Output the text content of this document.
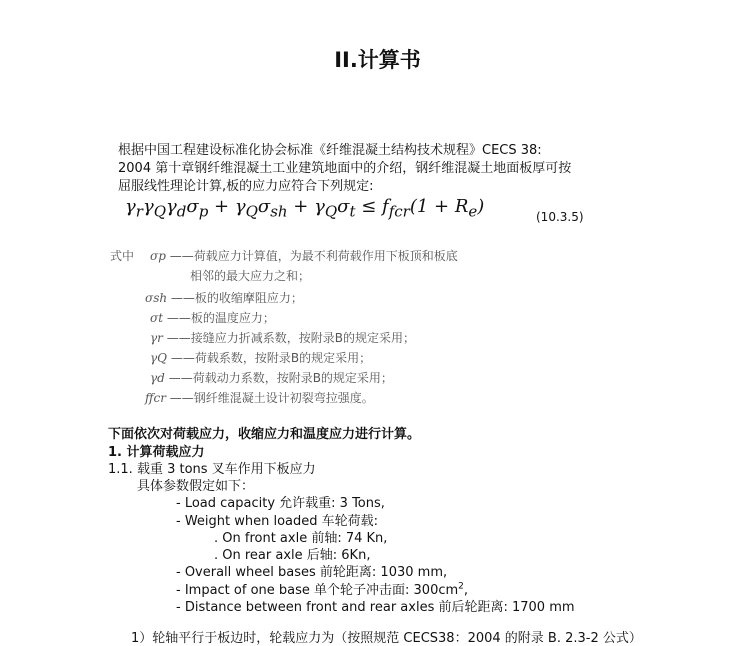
II.计算书
根据中国工程建设标准化协会标准《纤维混凝土结构技术规程》CECS 38:
2004 第十章钢纤维混凝土工业建筑地面中的介绍，钢纤维混凝土地面板厚可按
屈服线性理论计算,板的应力应符合下列规定:
$\gamma_r\gamma_Q\gamma_d\sigma_p + \gamma_Q\sigma_{sh} + \gamma_Q\sigma_t \le f_{fcr}(1 + R_e)$	(10.3.5)
式中 σp ——荷载应力计算值，为最不利荷载作用下板顶和板底
相邻的最大应力之和；
σsh ——板的收缩摩阻应力；
σt ——板的温度应力；
γr ——接缝应力折减系数，按附录B的规定采用；
γQ ——荷载系数，按附录B的规定采用；
γd ——荷载动力系数，按附录B的规定采用；
ffcr ——钢纤维混凝土设计初裂弯拉强度。
下面依次对荷载应力，收缩应力和温度应力进行计算。
1. 计算荷载应力
1.1. 载重 3 tons 叉车作用下板应力
具体参数假定如下：
- Load capacity 允许载重: 3 Tons,
- Weight when loaded 车轮荷载:
. On front axle 前轴: 74 Kn,
. On rear axle 后轴: 6Kn,
- Overall wheel bases 前轮距离: 1030 mm,
- Impact of one base 单个轮子冲击面: $300cm^2$,
- Distance between front and rear axles 前后轮距离: 1700 mm
1）轮轴平行于板边时，轮载应力为（按照规范 CECS38：2004 的附录 B. 2.3-2 公式）
